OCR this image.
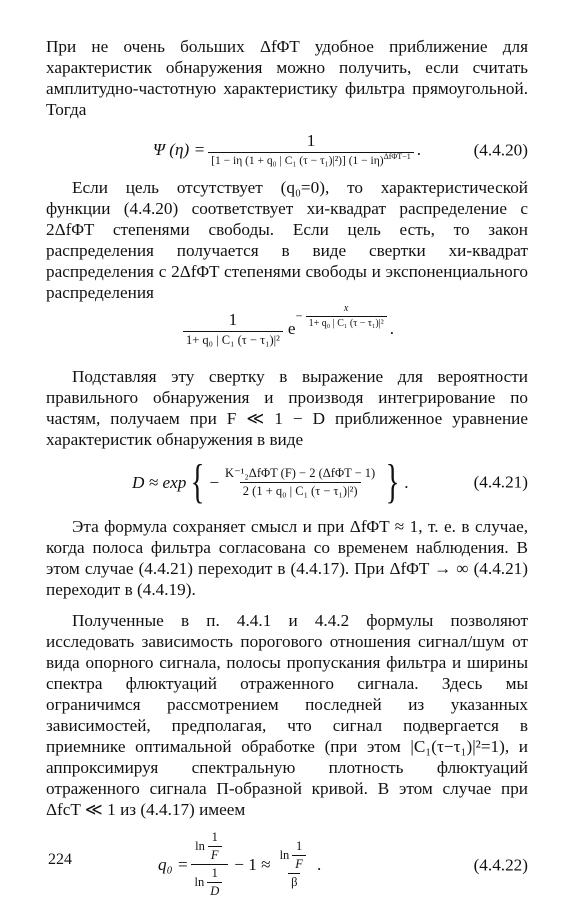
При не очень больших ΔfΦT удобное приближение для характеристик обнаружения можно получить, если считать амплитудно-частотную характеристику фильтра прямоугольной. Тогда

Ψ $(\eta) = \frac{1}{[1 - i\eta (1 + q_0 | C_1 (\tau - \tau_1)|^2)] (1 - i\eta)^{\Delta f\Phi T-1}}$ .	(4.4.20)

Если цель отсутствует (q₀=0), то характеристической функции (4.4.20) соответствует хи-квадрат распределение с 2ΔfΦT степенями свободы. Если цель есть, то закон распределения получается в виде свертки хи-квадрат распределения с 2ΔfΦT степенями свободы и экспоненциального распределения

$\frac{1}{\text{1+ q₀ | C₁ (τ − τ₁)|²}}$ e
− $\frac{x}{\text{1+ q₀ | C₁ (τ − τ₁)|²}}$ .

Подставляя эту свертку в выражение для вероятности правильного обнаружения и производя интегрирование по частям, получаем при F ≪ 1 − D приближенное уравнение характеристик обнаружения в виде

D ≈ exp { − $\frac{\text{K⁻¹₂ΔfΦT (F) − 2 (ΔfΦT − 1)}}{\text{2 (1 + q₀ | C₁ (τ − τ₁)|²)}}$ } .	(4.4.21)

Эта формула сохраняет смысл и при ΔfΦT ≈ 1, т. е. в случае, когда полоса фильтра согласована со временем наблюдения. В этом случае (4.4.21) переходит в (4.4.17). При ΔfΦT → ∞ (4.4.21) переходит в (4.4.19).

Полученные в п. 4.4.1 и 4.4.2 формулы позволяют исследовать зависимость порогового отношения сигнал/шум от вида опорного сигнала, полосы пропускания фильтра и ширины спектра флюктуаций отраженного сигнала. Здесь мы ограничимся рассмотрением последней из указанных зависимостей, предполагая, что сигнал подвергается в приемнике оптимальной обработке (при этом |C₁(τ−τ₁)|²=1), и аппроксимируя спектральную плотность флюктуаций отраженного сигнала П-образной кривой. В этом случае при ΔfcT ≪ 1 из (4.4.17) имеем

$q_0 = \frac{\ln \frac{1}{F}}{\ln \frac{1}{D}} - 1 \approx \frac{\ln \frac{1}{F}}{\beta}$ .	(4.4.22)
224
